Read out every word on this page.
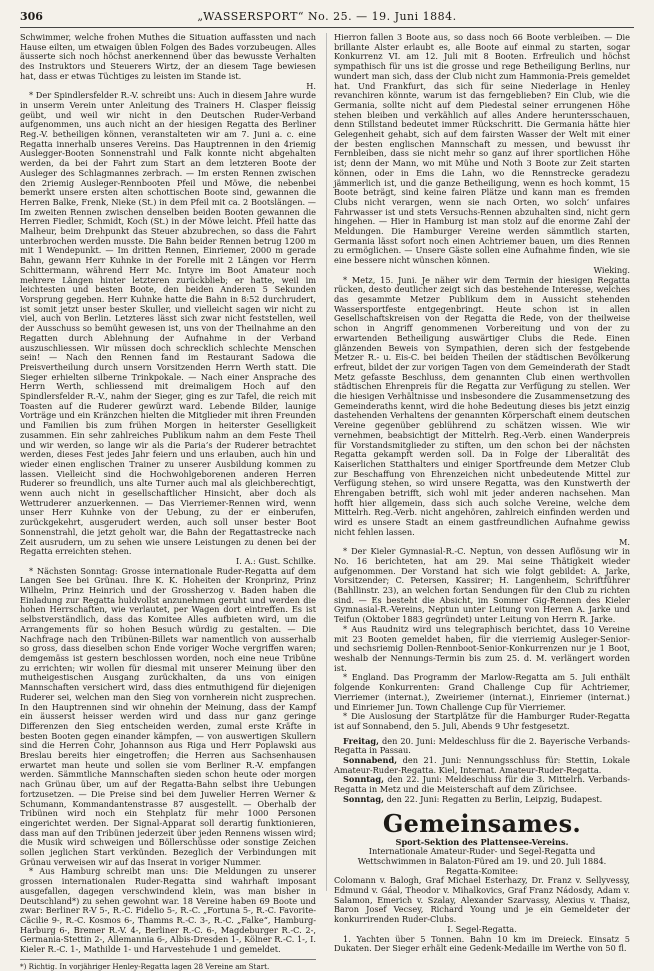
306	„WASSERSPORT“ No. 25. — 19. Juni 1884.

Schwimmer, welche frohen Muthes die Situation auffassten und nach Hause eilten, um etwaigen üblen Folgen des Bades vorzubeugen. Alles äusserte sich noch höchst anerkennend über das bewusste Verhalten des Instruktors und Steuerers Wirtz, der an diesem Tage bewiesen hat, dass er etwas Tüchtiges zu leisten im Stande ist.

H.

* Der Spindlersfelder R.-V. schreibt uns: Auch in diesem Jahre wurde in unserm Verein unter Anleitung des Trainers H. Clasper fleissig geübt, und weil wir nicht in den Deutschen Ruder-Verband aufgenommen, uns auch nicht an der hiesigen Regatta des Berliner Reg.-V. betheiligen können, veranstalteten wir am 7. Juni a. c. eine Regatta innerhalb unseres Vereins. Das Hauptrennen in den 4riemig Auslegger-Booten Sonnenstrahl und Falk konnte nicht abgehalten werden, da bei der Fahrt zum Start an dem letzteren Boote der Ausleger des Schlagmannes zerbrach. — Im ersten Rennen zwischen den 2riemig Ausleger-Rennbooten Pfeil und Möwe, die nebenbei bemerkt unsere ersten alten schottischen Boote sind, gewannen die Herren Balke, Frenk, Nieke (St.) in dem Pfeil mit ca. 2 Bootslängen. — Im zweiten Rennen zwischen denselben beiden Booten gewannen die Herren Fiedler, Schmidt, Koch (St.) in der Möwe leicht. Pfeil hatte das Malheur, beim Drehpunkt das Steuer abzubrechen, so dass die Fahrt unterbrochen werden musste. Die Bahn beider Rennen betrug 1200 m mit 1 Wendepunkt. — Im dritten Rennen, Einriemer, 2000 m gerade Bahn, gewann Herr Kuhnke in der Forelle mit 2 Längen vor Herrn Schittermann, während Herr Mc. Intyre im Boot Amateur noch mehrere Längen hinter letzteren zurückblieb; er hatte, weil im leichtesten und besten Boote, den beiden Anderen 5 Sekunden Vorsprung gegeben. Herr Kuhnke hatte die Bahn in 8:52 durchrudert, ist somit jetzt unser bester Skuller, und vielleicht sagen wir nicht zu viel, auch von Berlin. Letzteres lässt sich zwar nicht feststellen, weil der Ausschuss so bemüht gewesen ist, uns von der Theilnahme an den Regatten durch Ablehnung der Aufnahme in der Verband auszuschliessen. Wir müssen doch schrecklich schlechte Menschen sein! — Nach den Rennen fand im Restaurant Sadowa die Preisvertheilung durch unsern Vorsitzenden Herrn Werth statt. Die Sieger erhielten silberne Trinkpokale. — Nach einer Ansprache des Herrn Werth, schliessend mit dreimaligem Hoch auf den Spindlersfelder R.-V., nahm der Sieger, ging es zur Tafel, die reich mit Toasten auf die Ruderer gewürzt ward. Lebende Bilder, launige Vorträge und ein Kränzchen hielten die Mitglieder mit ihren Freunden und Familien bis zum frühen Morgen in heiterster Geselligkeit zusammen. Ein sehr zahlreiches Publikum nahm an dem Feste Theil und wir werden, so lange wir als die Paria’s der Ruderer betrachtet werden, dieses Fest jedes Jahr feiern und uns erlauben, auch hin und wieder einen englischen Trainer zu unserer Ausbildung kommen zu lassen. Vielleicht sind die Hochwohlgeborenen anderen Herren Ruderer so freundlich, uns alte Turner auch mal als gleichberechtigt, wenn auch nicht in gesellschaftlicher Hinsicht, aber doch als Wettruderer anzuerkennen. — Das Vierriemer-Rennen wird, wenn unser Herr Kuhnke von der Uebung, zu der er einberufen, zurückgekehrt, ausgerudert werden, auch soll unser bester Boot Sonnenstrahl, die jetzt geholt war, die Bahn der Regattastrecke nach Zeit ausrudern, um zu sehen wie unsere Leistungen zu denen bei der Regatta erreichten stehen.

I. A.: Gust. Schilke.

* Nächsten Sonntag: Grosse internationale Ruder-Regatta auf dem Langen See bei Grünau. Ihre K. K. Hoheiten der Kronprinz, Prinz Wilhelm, Prinz Heinrich und der Grossherzog v. Baden haben die Einladung zur Regatta huldvollst anzunehmen geruht und werden die hohen Herrschaften, wie verlautet, per Wagen dort eintreffen. Es ist selbstverständlich, dass das Komitee Alles aufbieten wird, um die Arrangements für so hohen Besuch würdig zu gestalten. — Die Nachfrage nach den Tribünen-Billets war namentlich von ausserhalb so gross, dass dieselben schon Ende voriger Woche vergriffen waren; demgemäss ist gestern beschlossen worden, noch eine neue Tribüne zu errichten; wir wollen für diesmal mit unserer Meinung über den mutheigestischen Ausgang zurückhalten, da uns von einigen Mannschaften versichert wird, dass dies entmuthigend für diejenigen Ruderer sei, welchen man den Sieg von vornherein nicht zusprechen. In den Hauptrennen sind wir ohnehin der Meinung, dass der Kampf ein äusserst heisser werden wird und dass nur ganz geringe Differenzen den Sieg entscheiden werden, zumal erste Kräfte in besten Booten gegen einander kämpfen, — von auswertigen Skullern sind die Herren Cohr, Johannson aus Riga und Herr Poplawski aus Breslau bereits hier eingetroffen; die Herren aus Sachsenhausen erwartet man heute und sollen sie vom Berliner R.-V. empfangen werden. Sämmtliche Mannschaften sieden schon heute oder morgen nach Grünau über, um auf der Regatta-Bahn selbst ihre Uebungen fortzusetzen. — Die Preise sind bei dem Juwelier Herren Werner & Schumann, Kommandantenstrasse 87 ausgestellt. — Oberhalb der Tribünen wird noch ein Stehplatz für mehr 1000 Personen eingerichtet werden. Der Signal-Apparat soll derartig funktionieren, dass man auf den Tribünen jederzeit über jeden Rennens wissen wird; die Musik wird schweigen und Böllerschüsse oder sonstige Zeichen sollen jeglichen Start verkünden. Bezeglich der Verbindungen mit Grünau verweisen wir auf das Inserat in voriger Nummer.

* Aus Hamburg schreibt man uns: Die Meldungen zu unserer grossen internationalen Ruder-Regatta sind wahrhaft imposant ausgefallen, dagegen verschwindend klein, was man bisher in Deutschland*) zu sehen gewohnt war. 18 Vereine haben 69 Boote und zwar: Berliner R-V 5-, R.-C. Fidelio 5-, R.-C. „Fortuna 5-, R.-C. Favorite-Cäcilie 9-, R.-C. Kosmos 6-, Thamms R.-C. 3-, R.-C. „Falke“, Hamburg-Harburg 6-, Bremer R.-V. 4-, Berliner R.-C. 6-, Magdeburger R.-C. 2-, Germania-Stettin 2-, Allemannia 6-, Albis-Dresden 1-, Kölner R.-C. 1-, I. Kieler R.-C. 1-, Mathilde 1- und Harvestehude 1 und gemeldet.

*) Richtig. In vorjähriger Henley-Regatta lagen 28 Vereine am Start.

Hierron fallen 3 Boote aus, so dass noch 66 Boote verbleiben. — Die brillante Alster erlaubt es, alle Boote auf einmal zu starten, sogar Konkurrenz VI. am 12. Juli mit 8 Booten. Erfreulich und höchst sympathisch für uns ist die grosse und rege Betheiligung Berlins, nur wundert man sich, dass der Club nicht zum Hammonia-Preis gemeldet hat. Und Frankfurt, das sich für seine Niederlage in Henley revanchiren könnte, warum ist das ferngeblieben? Ein Club, wie die Germania, sollte nicht auf dem Piedestal seiner errungenen Höhe stehen bleiben und verkählich auf alles Andere heruntersschauen, denn Stillstand bedeutet immer Rückschritt. Die Germania hätte hier Gelegenheit gehabt, sich auf dem fairsten Wasser der Welt mit einer der besten englischen Mannschaft zu messen, und bewusst ihr Fernbleiben, dass sie nicht mehr so ganz auf ihrer sportlichen Höhe ist; denn der Mann, wo mit Mühe und Noth 3 Boote zur Zeit starten können, oder in Ems die Lahn, wo die Rennstrecke geradezu jämmerlich ist, und die ganze Betheiligung, wenn es hoch kommt, 15 Boote beträgt, sind keine fairen Plätze und kann man es fremden Clubs nicht verargen, wenn sie nach Orten, wo solch’ unfaires Fahrwasser ist und stets Versuchs-Rennen abzuhalten sind, nicht gern hingehen. — Hier in Hamburg ist man stolz auf die enorme Zahl der Meldungen. Die Hamburger Vereine werden sämmtlich starten, Germania lässt sofort noch einen Achtriemer bauen, um dies Rennen zu ermöglichen. — Unsere Gäste sollen eine Aufnahme finden, wie sie eine bessere nicht wünschen können.

Wieking.

* Metz, 15. Juni. Je näher wir dem Termin der hiesigen Regatta rücken, desto deutlicher zeigt sich das bestehende Interesse, welches das gesammte Metzer Publikum dem in Aussicht stehenden Wassersportfeste entgegenbringt. Heute schon ist in allen Gesellschaftskreisen von der Regatta die Rede, von der theilweise schon in Angriff genommenen Vorbereitung und von der zu erwartenden Betheiligung auswärtiger Clubs die Rede. Einen glänzenden Beweis von Sympathien, deren sich der festgebende Metzer R.- u. Eis-C. bei beiden Theilen der städtischen Bevölkerung erfreut, bildet der zur vorigen Tagen von dem Gemeinderath der Stadt Metz gefasste Beschluss, dem genannten Club einen werthvollen städtischen Ehrenpreis für die Regatta zur Verfügung zu stellen. Wer die hiesigen Verhältnisse und insbesondere die Zusammensetzung des Gemeinderaths kennt, wird die hohe Bedeutung dieses bis jetzt einzig dastehenden Verhaltens der genannten Körperschaft einem deutschen Vereine gegenüber geblührend zu schätzen wissen. Wie wir vernehmen, beabsichtigt der Mittelrh. Reg.-Verb. einen Wanderpreis für Vorstandsmitglieder zu stiften, um den schon bei der nächsten Regatta gekampft werden soll. Da in Folge der Liberalität des Kaiserlichen Statthalters und einiger Sportfreunde dem Metzer Club zur Beschaffung von Ehrenzeichen nicht unbedeutende Mittel zur Verfügung stehen, so wird unsere Regatta, was den Kunstwerth der Ehrengaben betrifft, sich wohl mit jeder anderen nachsehen. Man hofft hier allgemein, dass sich auch solche Vereine, welche dem Mittelrh. Reg.-Verb. nicht angehören, zahlreich einfinden werden und wird es unsere Stadt an einem gastfreundlichen Aufnahme gewiss nicht fehlen lassen.

M.

* Der Kieler Gymnasial-R.-C. Neptun, von dessen Auflösung wir in No. 16 berichteten, hat am 29. Mai seine Thätigkeit wieder aufgenommen. Der Vorstand hat sich wie folgt gebildet: A. Jarke, Vorsitzender; C. Petersen, Kassirer; H. Langenheim, Schriftführer (Bahllinstr. 23), an welchen fortan Sendungen für den Club zu richten sind. — Es besteht die Absicht, im Sommer Gig-Rennen des Kieler Gymnasial-R.-Vereins, Neptun unter Leitung von Herren A. Jarke und Teifun (Oktober 1883 gegründet) unter Leitung von Herrn R. Jarke.

* Aus Raudnitz wird uns telegraphisch berichtet, dass 10 Vereine mit 23 Booten gemeldet haben, für die vierriemig Ausleger-Senior- und sechsriemig Dollen-Rennboot-Senior-Konkurrenzen nur je 1 Boot, weshalb der Nennungs-Termin bis zum 25. d. M. verlängert worden ist.

* England. Das Programm der Marlow-Regatta am 5. Juli enthält folgende Konkurrenten: Grand Challenge Cup für Achtriemer, Vierriemer (internat.), Zweiriemer (internat.), Einriemer (internat.) und Einriemer Jun. Town Challenge Cup für Vierriemer.

* Die Auslosung der Startplätze für die Hamburger Ruder-Regatta ist auf Sonnabend, den 5. Juli, Abends 9 Uhr festgesetzt.

Freitag, den 20. Juni: Meldeschluss für die 2. Bayerische Verbands-Regatta in Passau.

Sonnabend, den 21. Juni: Nennungsschluss für: Stettin, Lokale Amateur-Ruder-Regatta. Kiel, Internat. Amateur-Ruder-Regatta.

Sonntag, den 22. Juni: Meldeschluss für die 3. Mittelrh. Verbands-Regatta in Metz und die Meisterschaft auf dem Zürichsee.

Sonntag, den 22. Juni: Regatten zu Berlin, Leipzig, Budapest.

Gemeinsames.

Sport-Sektion des Plattensee-Vereins.

Internationale Amateur-Ruder- und Segel-Regatta und Wettschwimmen in Balaton-Füred am 19. und 20. Juli 1884.

Regatta-Komitee:

Colomann v. Balogh, Graf Michael Esterhazy, Dr. Franz v. Sellyvessy, Edmund v. Gáal, Theodor v. Mihalkovics, Graf Franz Nádosdy, Adam v. Salamon, Emerich v. Szalay, Alexander Szarvassy, Alexius v. Thaisz, Baron Josef Vecsey, Richard Young und je ein Gemeldeter der konkurrirenden Ruder-Clubs.

I. Segel-Regatta.

1. Yachten über 5 Tonnen. Bahn 10 km im Dreieck. Einsatz 5 Dukaten. Der Sieger erhält eine Gedenk-Medaille im Werthe von 50 fl.
